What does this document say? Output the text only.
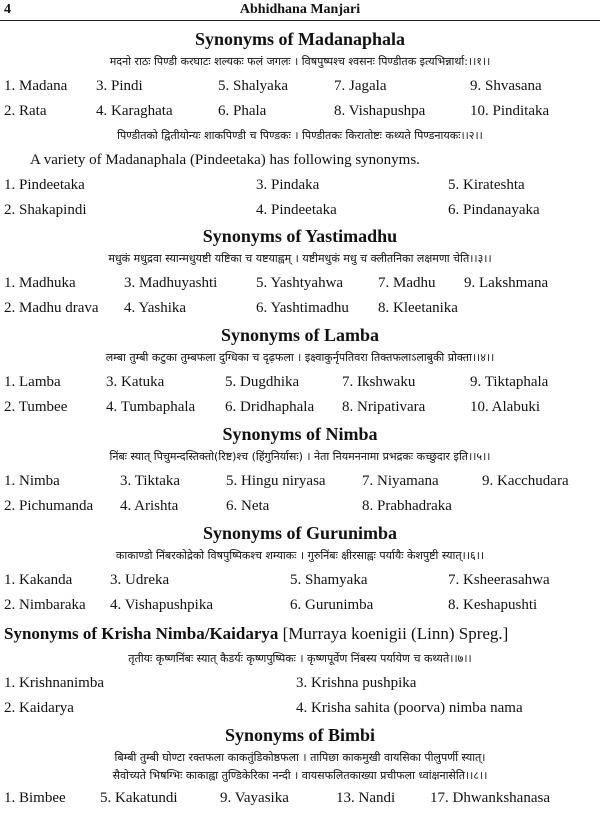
4	Abhidhana Manjari
Synonyms of Madanaphala
मदनो राठः पिण्डी करघाटः शल्यकः फलं जगलः । विषपुष्पश्च श्वसनः पिण्डीतक इत्यभिन्नार्था:।।१।।
1. Madana 3. Pindi	5. Shalyaka	7. Jagala	9. Shvasana
2. Rata	4. Karaghata	6. Phala	8. Vishapushpa	10. Pinditaka
पिण्डीतको द्वितीयोन्यः शाकपिण्डी च पिण्डकः । पिण्डीतकः किराताेष्टः कथ्यते पिण्डनायकः।।२।।
A variety of Madanaphala (Pindeetaka) has following synonyms.
1. Pindeetaka	3. Pindaka	5. Kirateshta
2. Shakapindi	4. Pindeetaka	6. Pindanayaka
Synonyms of Yastimadhu
मधुकं मधुद्रवा स्यान्मधुयष्टी यष्टिका च यष्टयाह्वम् । यष्टीमधुकं मधु च क्लीतनिका लक्षमणा चेति।।३।।
1. Madhuka	3. Madhuyashti	5. Yashtyahwa 7. Madhu 9. Lakshmana
2. Madhu drava 4. Yashika	6. Yashtimadhu 8. Kleetanika
Synonyms of Lamba
लम्बा तुम्बी कटुका तुम्बफला दुग्धिका च दृढ़फला । इक्ष्वाकुर्नृपतिवरा तिक्तफलाऽलाबुकी प्रोक्ता।।४।।
1. Lamba	3. Katuka	5. Dugdhika	7. Ikshwaku	9. Tiktaphala
2. Tumbee	4. Tumbaphala 6. Dridhaphala 8. Nripativara	10. Alabuki
Synonyms of Nimba
निंबः स्यात् पिचुमन्दस्तिक्तो(रिष्ट)श्च (हिंगुनिर्यासः) । नेता नियमननामा प्रभद्रकः कच्छुदार इति।।५।।
1. Nimba	3. Tiktaka	5. Hingu niryasa 7. Niyamana	9. Kacchudara
2. Pichumanda 4. Arishta	6. Neta	8. Prabhadraka
Synonyms of Gurunimba
काकाण्डो निंबरकोद्रेको विषपुष्पिकश्च शम्याकः । गुरुनिंबः क्षीरसाह्वः पर्यायैः केशपुष्टी स्यात्।।६।।
1. Kakanda	3. Udreka	5. Shamyaka	7. Ksheerasahwa
2. Nimbaraka 4. Vishapushpika	6. Gurunimba	8. Keshapushti
Synonyms of Krisha Nimba/Kaidarya [Murraya koenigii (Linn) Spreg.]
तृतीयः कृष्णनिंबः स्यात् कैडर्यः कृष्णपुष्पिकः । कृष्णपूर्वेण निंबस्य पर्यायेण च कथ्यते।।७।।
1. Krishnanimba	3. Krishna pushpika
2. Kaidarya	4. Krisha sahita (poorva) nimba nama
Synonyms of Bimbi
बिम्बी तुम्बी घोण्टा रक्तफला काकतुंडिकोष्ठफला । तापिछा काकमुखी वायसिका पीलुपर्णी स्यात्।
सैवोच्यते भिषग्भिः काकाह्वा तुण्डिकेरिका नन्दी । वायसफलितकाख्या प्रचीफला ध्वांक्षनासेति।।८।।
1. Bimbee 5. Kakatundi	9. Vayasika	13. Nandi 17. Dhwankshanasa
